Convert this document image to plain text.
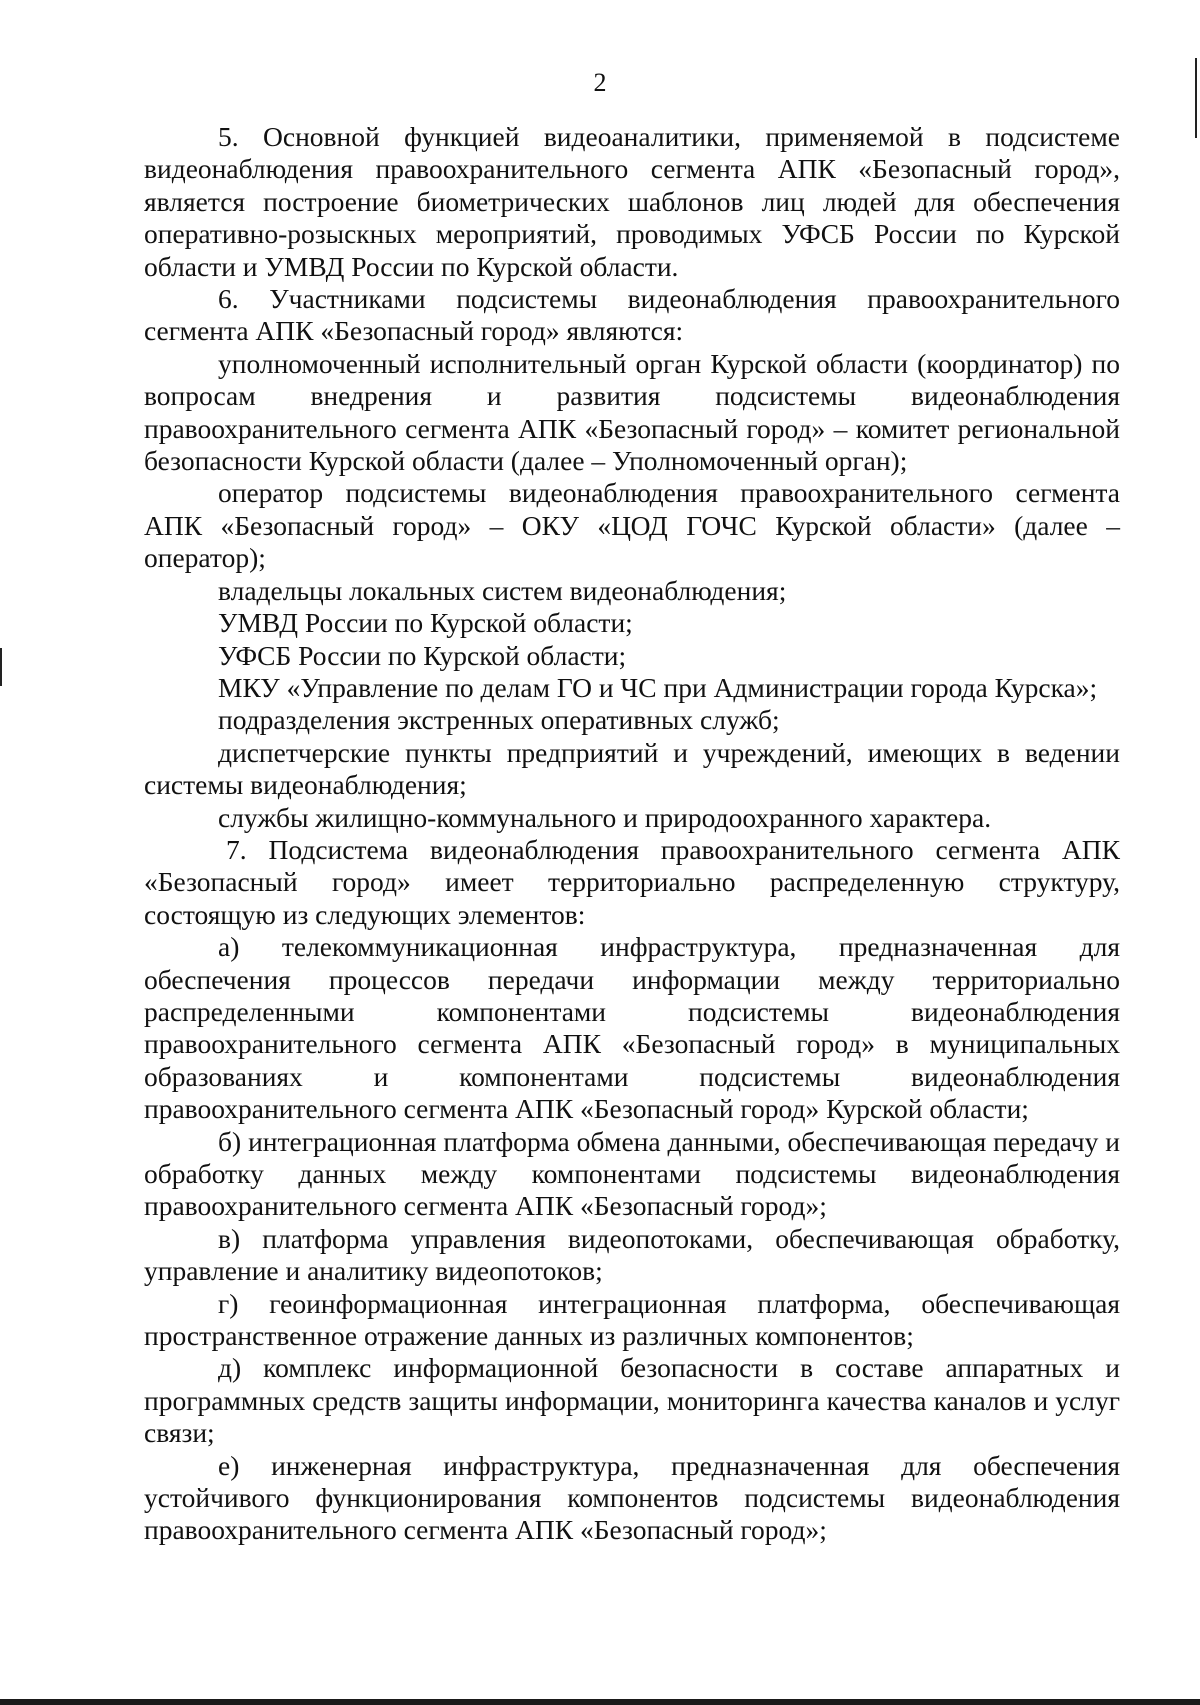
2

5. Основной функцией видеоаналитики, применяемой в подсистеме видеонаблюдения правоохранительного сегмента АПК «Безопасный город», является построение биометрических шаблонов лиц людей для обеспечения оперативно-розыскных мероприятий, проводимых УФСБ России по Курской области и УМВД России по Курской области.

6. Участниками подсистемы видеонаблюдения правоохранительного сегмента АПК «Безопасный город» являются:

уполномоченный исполнительный орган Курской области (координатор) по вопросам внедрения и развития подсистемы видеонаблюдения правоохранительного сегмента АПК «Безопасный город» – комитет региональной безопасности Курской области (далее – Уполномоченный орган);

оператор подсистемы видеонаблюдения правоохранительного сегмента АПК «Безопасный город» – ОКУ «ЦОД ГОЧС Курской области» (далее – оператор);

владельцы локальных систем видеонаблюдения;

УМВД России по Курской области;

УФСБ России по Курской области;

МКУ «Управление по делам ГО и ЧС при Администрации города Курска»;

подразделения экстренных оперативных служб;

диспетчерские пункты предприятий и учреждений, имеющих в ведении системы видеонаблюдения;

службы жилищно-коммунального и природоохранного характера.

7. Подсистема видеонаблюдения правоохранительного сегмента АПК «Безопасный город» имеет территориально распределенную структуру, состоящую из следующих элементов:

а) телекоммуникационная инфраструктура, предназначенная для обеспечения процессов передачи информации между территориально распределенными компонентами подсистемы видеонаблюдения правоохранительного сегмента АПК «Безопасный город» в муниципальных образованиях и компонентами подсистемы видеонаблюдения правоохранительного сегмента АПК «Безопасный город» Курской области;

б) интеграционная платформа обмена данными, обеспечивающая передачу и обработку данных между компонентами подсистемы видеонаблюдения правоохранительного сегмента АПК «Безопасный город»;

в) платформа управления видеопотоками, обеспечивающая обработку, управление и аналитику видеопотоков;

г) геоинформационная интеграционная платформа, обеспечивающая пространственное отражение данных из различных компонентов;

д) комплекс информационной безопасности в составе аппаратных и программных средств защиты информации, мониторинга качества каналов и услуг связи;

е) инженерная инфраструктура, предназначенная для обеспечения устойчивого функционирования компонентов подсистемы видеонаблюдения правоохранительного сегмента АПК «Безопасный город»;
